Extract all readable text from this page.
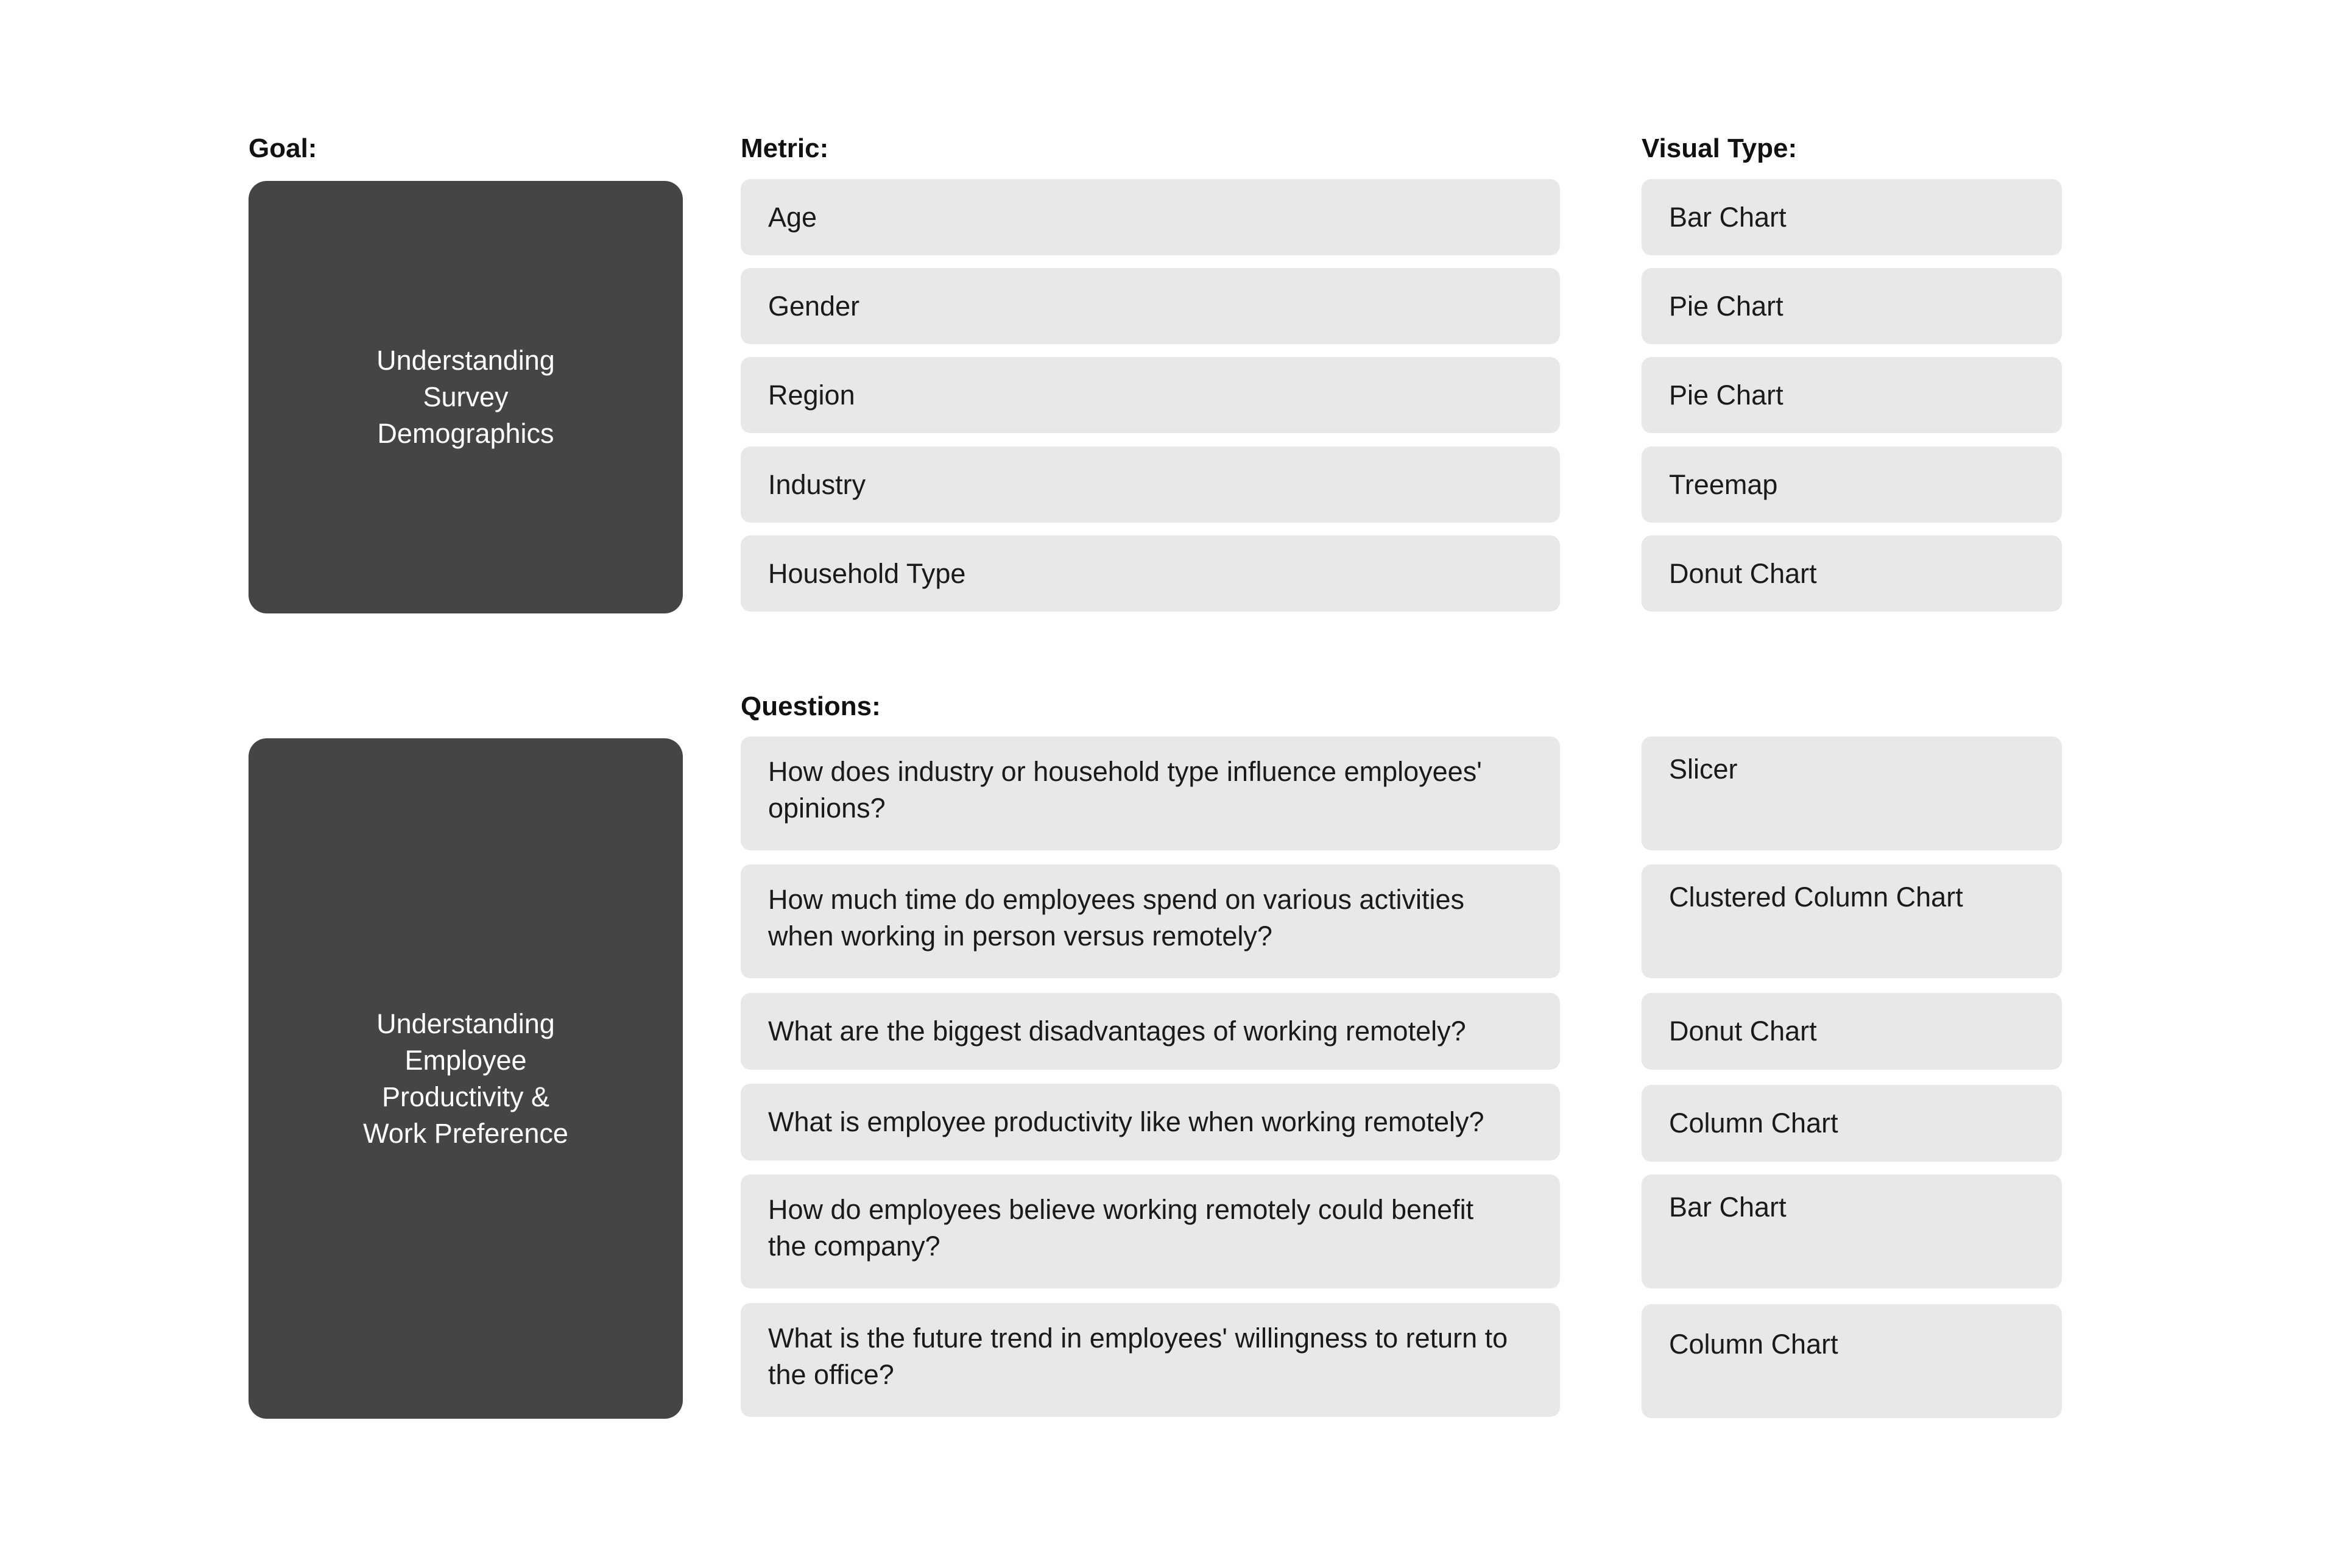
Goal:	Metric:	Visual Type:
Questions:
Understanding
Survey
Demographics
Age
Gender
Region
Industry
Household Type
Bar Chart
Pie Chart
Pie Chart
Treemap
Donut Chart
Understanding
Employee
Productivity &
Work Preference
How does industry or household type influence employees'
opinions?
How much time do employees spend on various activities
when working in person versus remotely?
What are the biggest disadvantages of working remotely?
What is employee productivity like when working remotely?
How do employees believe working remotely could benefit
the company?
What is the future trend in employees' willingness to return to
the office?
Slicer
Clustered Column Chart
Donut Chart
Column Chart
Bar Chart
Column Chart
